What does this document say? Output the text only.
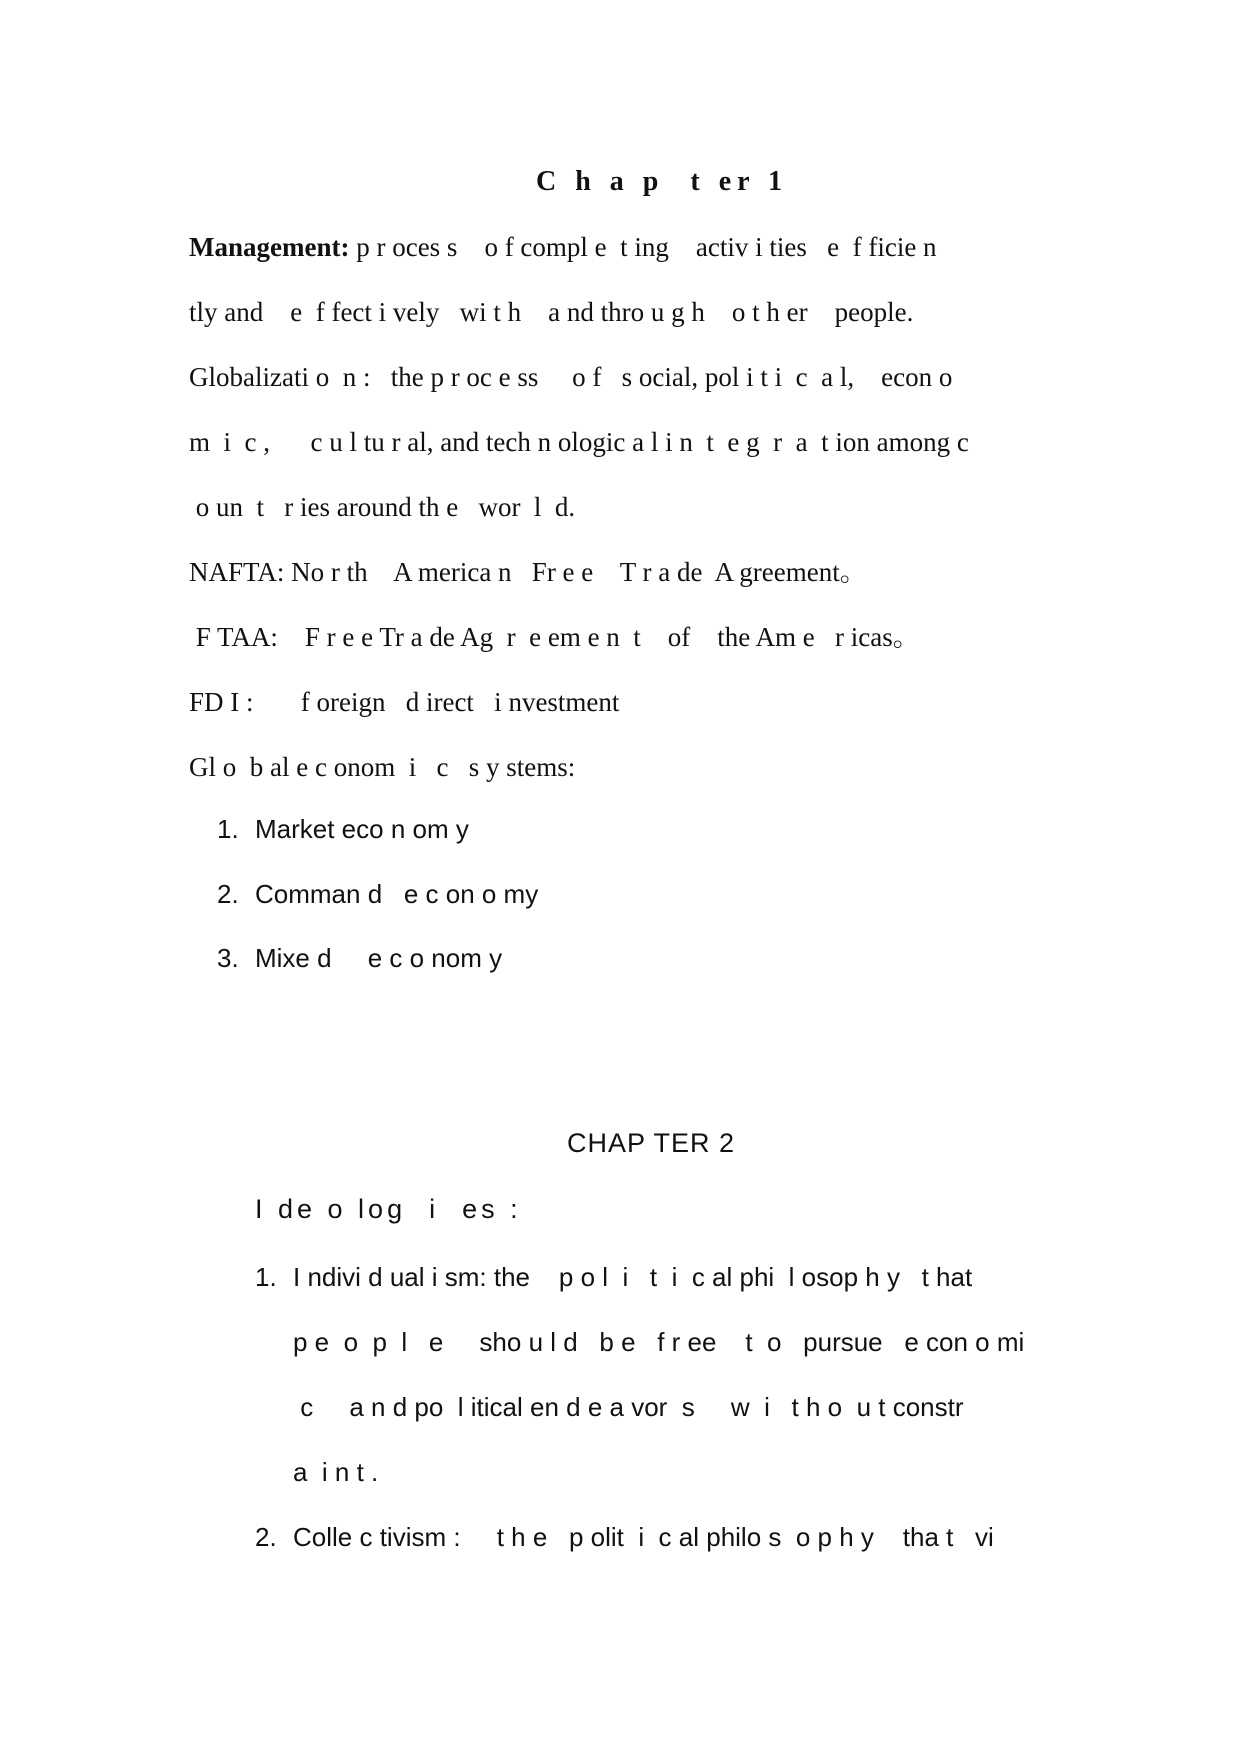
C h a p  t er 1
Management: p r oces s    o f compl e  t ing    activ i ties   e  f ficie n
tly and    e  f fect i vely   wi t h    a nd thro u g h    o t h er    people.
Globalizati o  n :   the p r oc e ss     o f   s ocial, pol i t i  c  a l,    econ o
m  i  c ,      c u l tu r al, and tech n ologic a l i n  t  e g  r  a  t ion among c
o un  t   r ies around th e   wor  l  d.
NAFTA: No r th    A merica n   Fr e e    T r a de  A greement。
F TAA:    F r e e Tr a de Ag  r  e em e n  t    of    the Am e   r icas。
FD I :       f oreign   d irect   i nvestment
Gl o  b al e c onom  i   c   s y stems:
1. Market eco n om y
2. Comman d   e c on o my
3. Mixe d     e c o nom y
CHAP TER 2
I de o log  i  es :
1. I ndivi d ual i sm: the    p o l  i   t  i  c al phi  l osop h y   t hat
p e  o  p  l   e     sho u l d   b e   f r ee    t  o   pursue   e con o mi
c     a n d po  l itical en d e a vor  s     w  i   t h o  u t constr
a  i n t .
2. Colle c tivism :     t h e   p olit  i  c al philo s  o p h y    tha t   vi
